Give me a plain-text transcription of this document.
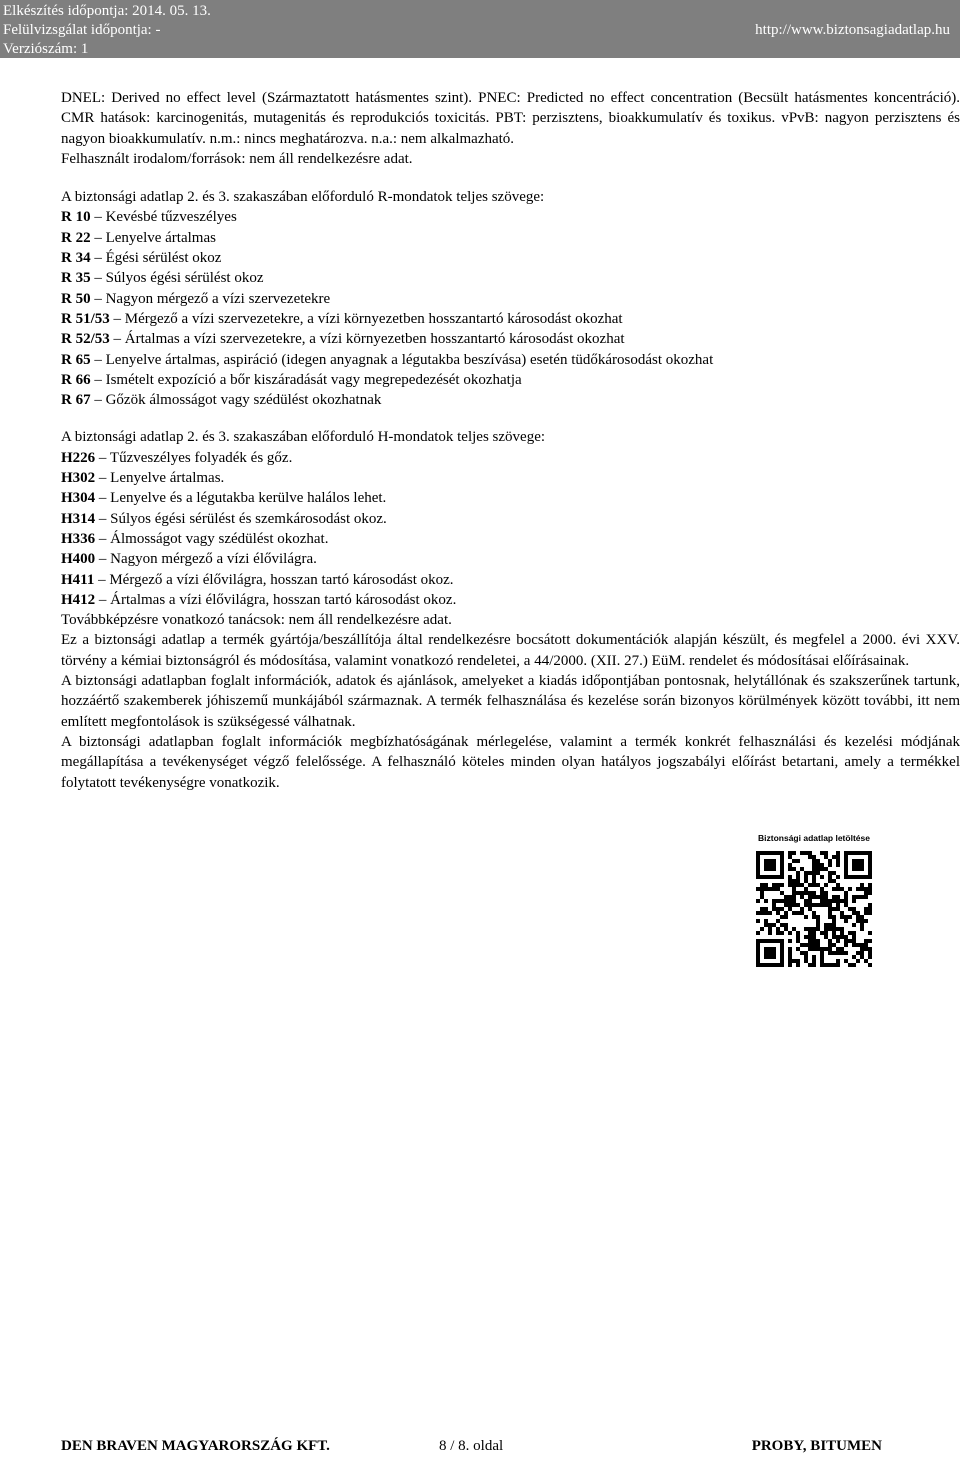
Elkészítés időpontja: 2014. 05. 13.
Felülvizsgálat időpontja: -
Verziószám: 1
http://www.biztonsagiadatlap.hu

DNEL: Derived no effect level (Származtatott hatásmentes szint). PNEC: Predicted no effect concentration (Becsült hatásmentes koncentráció). CMR hatások: karcinogenitás, mutagenitás és reprodukciós toxicitás. PBT: perzisztens, bioakkumulatív és toxikus. vPvB: nagyon perzisztens és nagyon bioakkumulatív. n.m.: nincs meghatározva. n.a.: nem alkalmazható.

Felhasznált irodalom/források: nem áll rendelkezésre adat.

A biztonsági adatlap 2. és 3. szakaszában előforduló R-mondatok teljes szövege:

R 10 – Kevésbé tűzveszélyes

R 22 – Lenyelve ártalmas

R 34 – Égési sérülést okoz

R 35 – Súlyos égési sérülést okoz

R 50 – Nagyon mérgező a vízi szervezetekre

R 51/53 – Mérgező a vízi szervezetekre, a vízi környezetben hosszantartó károsodást okozhat

R 52/53 – Ártalmas a vízi szervezetekre, a vízi környezetben hosszantartó károsodást okozhat

R 65 – Lenyelve ártalmas, aspiráció (idegen anyagnak a légutakba beszívása) esetén tüdőkárosodást okozhat

R 66 – Ismételt expozíció a bőr kiszáradását vagy megrepedezését okozhatja

R 67 – Gőzök álmosságot vagy szédülést okozhatnak

A biztonsági adatlap 2. és 3. szakaszában előforduló H-mondatok teljes szövege:

H226 – Tűzveszélyes folyadék és gőz.

H302 – Lenyelve ártalmas.

H304 – Lenyelve és a légutakba kerülve halálos lehet.

H314 – Súlyos égési sérülést és szemkárosodást okoz.

H336 – Álmosságot vagy szédülést okozhat.

H400 – Nagyon mérgező a vízi élővilágra.

H411 – Mérgező a vízi élővilágra, hosszan tartó károsodást okoz.

H412 – Ártalmas a vízi élővilágra, hosszan tartó károsodást okoz.

Továbbképzésre vonatkozó tanácsok: nem áll rendelkezésre adat.

Ez a biztonsági adatlap a termék gyártója/beszállítója által rendelkezésre bocsátott dokumentációk alapján készült, és megfelel a 2000. évi XXV. törvény a kémiai biztonságról és módosítása, valamint vonatkozó rendeletei, a 44/2000. (XII. 27.) EüM. rendelet és módosításai előírásainak.

A biztonsági adatlapban foglalt információk, adatok és ajánlások, amelyeket a kiadás időpontjában pontosnak, helytállónak és szakszerűnek tartunk, hozzáértő szakemberek jóhiszemű munkájából származnak. A termék felhasználása és kezelése során bizonyos körülmények között további, itt nem említett megfontolások is szükségessé válhatnak.

A biztonsági adatlapban foglalt információk megbízhatóságának mérlegelése, valamint a termék konkrét felhasználási és kezelési módjának megállapítása a tevékenységet végző felelőssége. A felhasználó köteles minden olyan hatályos jogszabályi előírást betartani, amely a termékkel folytatott tevékenységre vonatkozik.

Biztonsági adatlap letöltése
DEN BRAVEN MAGYARORSZÁG KFT.	8 / 8. oldal	PROBY, BITUMEN
